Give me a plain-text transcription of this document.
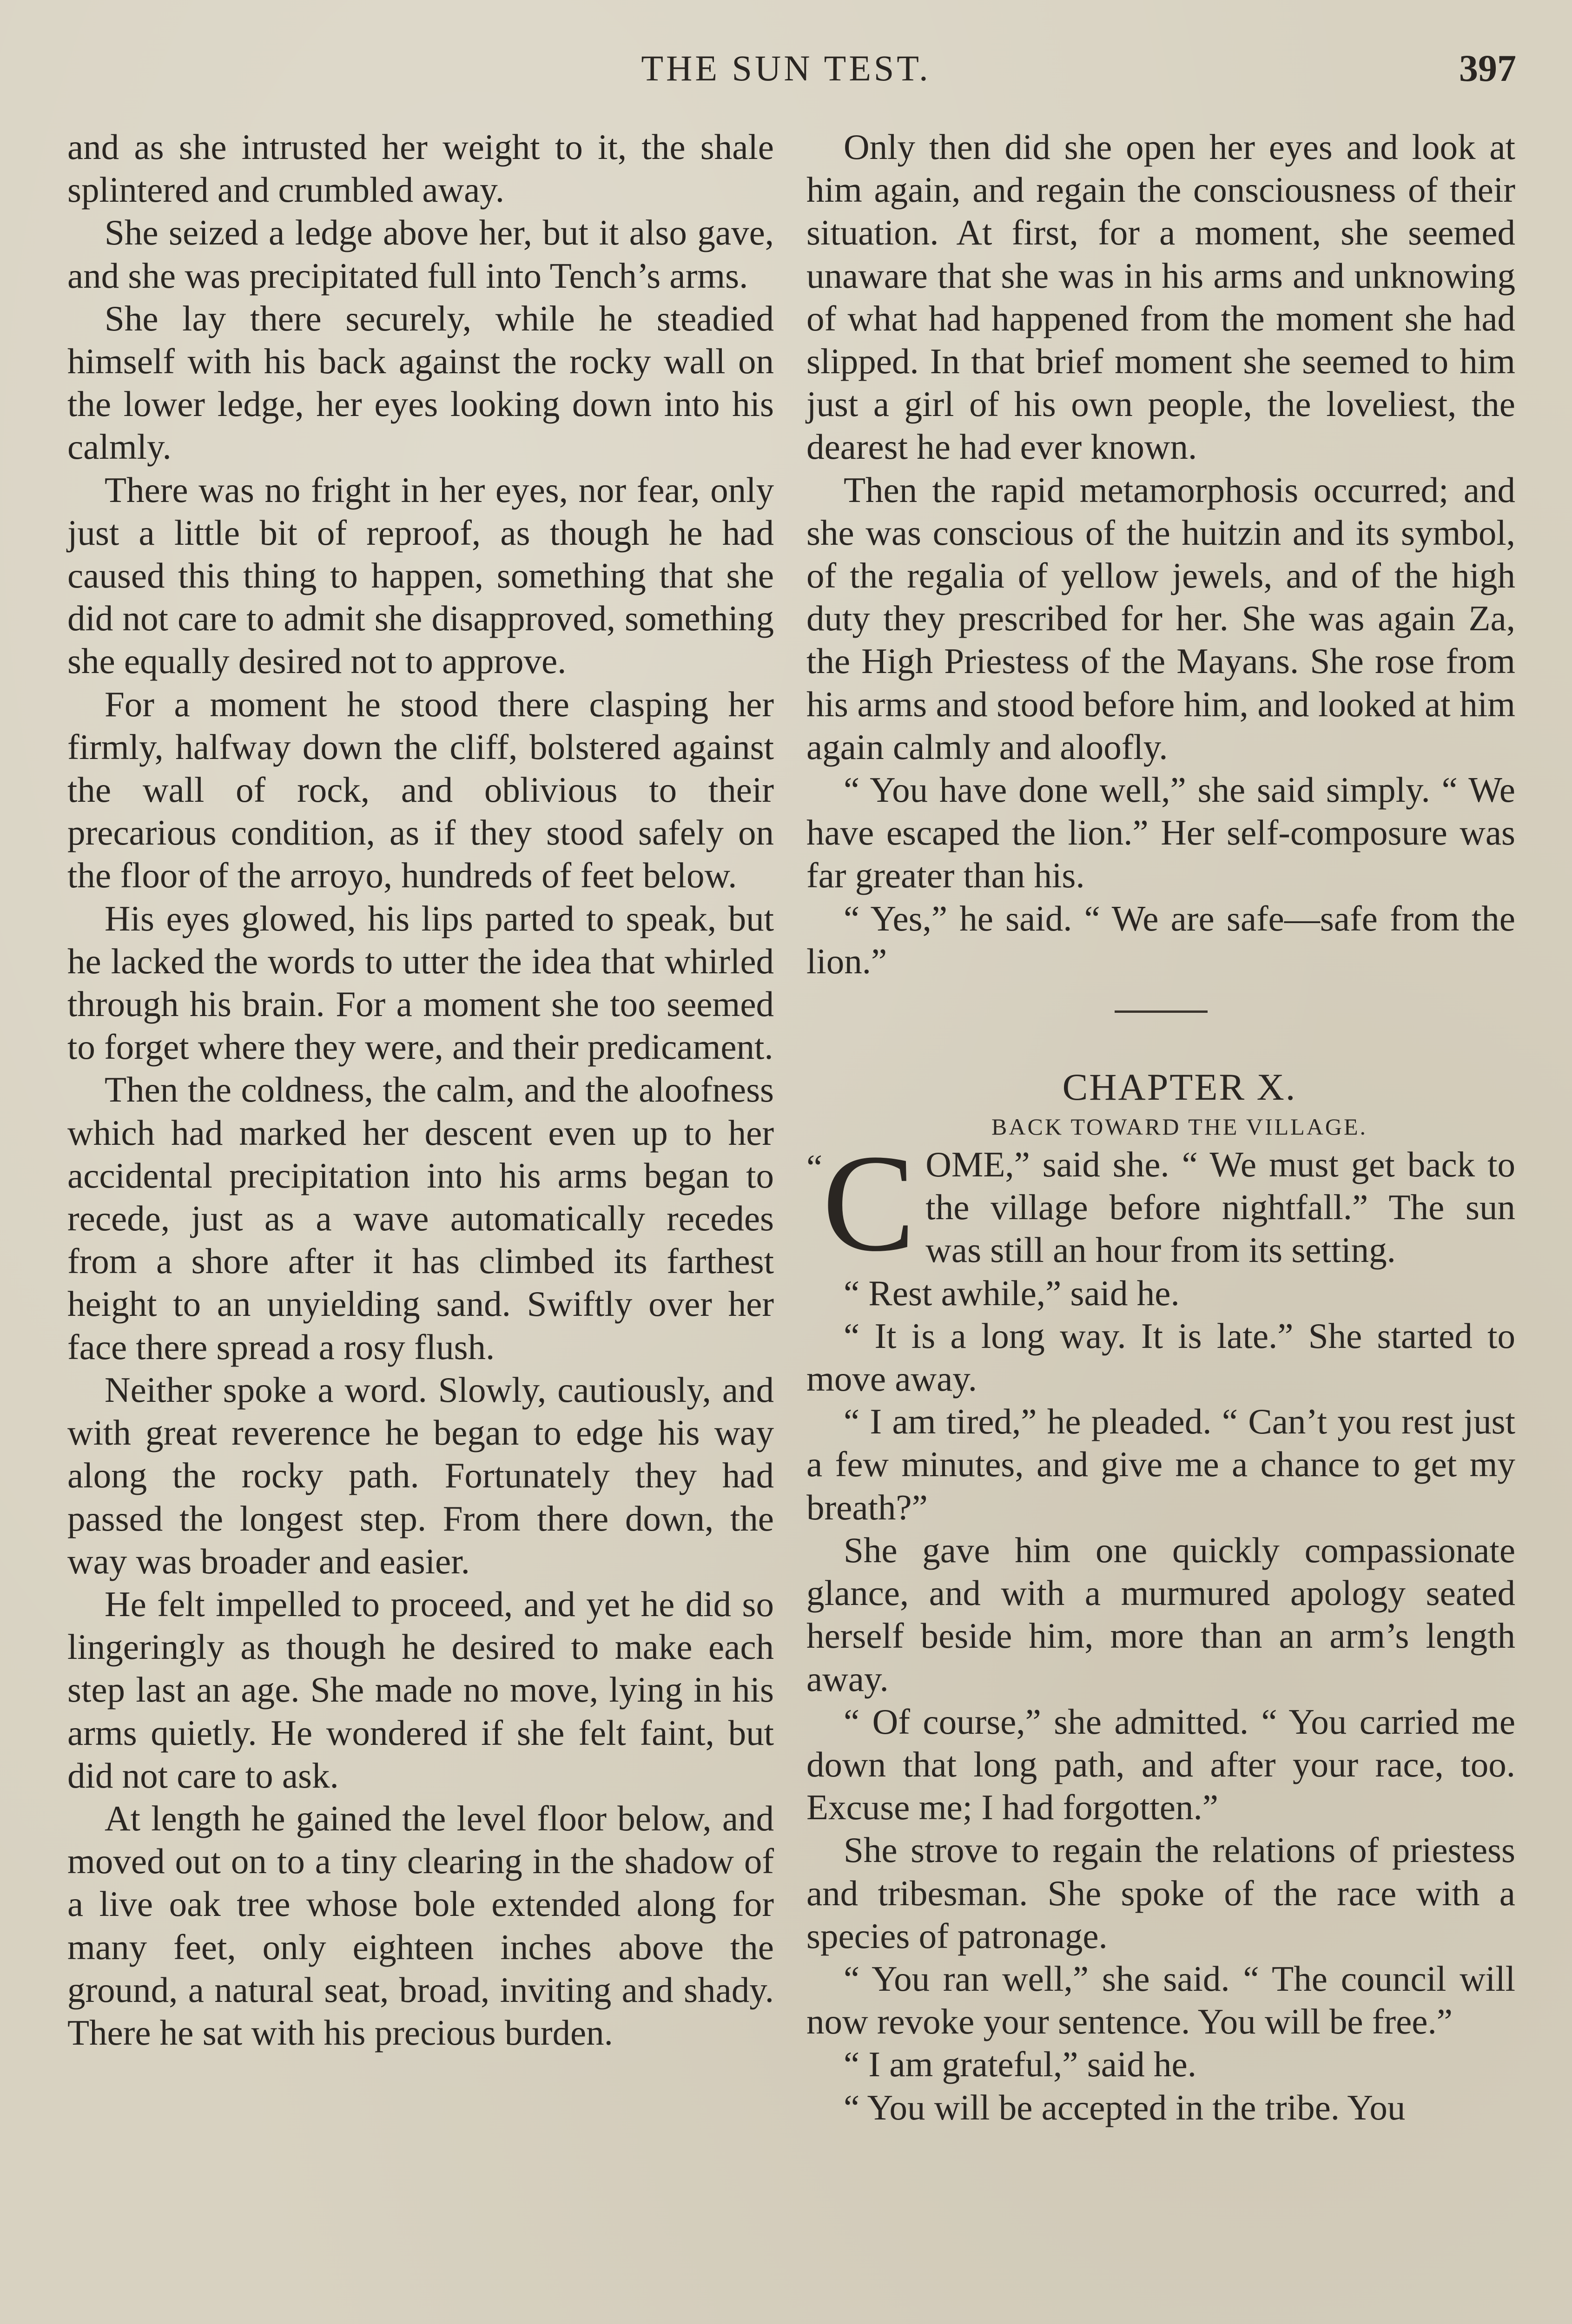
THE SUN TEST.	397

and as she intrusted her weight to it, the shale splintered and crumbled away.

She seized a ledge above her, but it also gave, and she was precipitated full into Tench’s arms.

She lay there securely, while he steadied himself with his back against the rocky wall on the lower ledge, her eyes looking down into his calmly.

There was no fright in her eyes, nor fear, only just a little bit of reproof, as though he had caused this thing to happen, something that she did not care to admit she disapproved, something she equally desired not to approve.

For a moment he stood there clasping her firmly, halfway down the cliff, bolstered against the wall of rock, and oblivious to their precarious condition, as if they stood safely on the floor of the arroyo, hundreds of feet below.

His eyes glowed, his lips parted to speak, but he lacked the words to utter the idea that whirled through his brain. For a moment she too seemed to forget where they were, and their predicament.

Then the coldness, the calm, and the aloofness which had marked her descent even up to her accidental precipitation into his arms began to recede, just as a wave automatically recedes from a shore after it has climbed its farthest height to an unyielding sand. Swiftly over her face there spread a rosy flush.

Neither spoke a word. Slowly, cautiously, and with great reverence he began to edge his way along the rocky path. Fortunately they had passed the longest step. From there down, the way was broader and easier.

He felt impelled to proceed, and yet he did so lingeringly as though he desired to make each step last an age. She made no move, lying in his arms quietly. He wondered if she felt faint, but did not care to ask.

At length he gained the level floor below, and moved out on to a tiny clearing in the shadow of a live oak tree whose bole extended along for many feet, only eighteen inches above the ground, a natural seat, broad, inviting and shady. There he sat with his precious burden.

Only then did she open her eyes and look at him again, and regain the consciousness of their situation. At first, for a moment, she seemed unaware that she was in his arms and unknowing of what had happened from the moment she had slipped. In that brief moment she seemed to him just a girl of his own people, the loveliest, the dearest he had ever known.

Then the rapid metamorphosis occurred; and she was conscious of the huitzin and its symbol, of the regalia of yellow jewels, and of the high duty they prescribed for her. She was again Za, the High Priestess of the Mayans. She rose from his arms and stood before him, and looked at him again calmly and aloofly.

“ You have done well,” she said simply. “ We have escaped the lion.” Her self-composure was far greater than his.

“ Yes,” he said. “ We are safe—safe from the lion.”

CHAPTER X.

BACK TOWARD THE VILLAGE.

“C OME,” said she. “ We must get back to the village before nightfall.” The sun was still an hour from its setting.

“ Rest awhile,” said he.

“ It is a long way. It is late.” She started to move away.

“ I am tired,” he pleaded. “ Can’t you rest just a few minutes, and give me a chance to get my breath?”

She gave him one quickly compassionate glance, and with a murmured apology seated herself beside him, more than an arm’s length away.

“ Of course,” she admitted. “ You carried me down that long path, and after your race, too. Excuse me; I had forgotten.”

She strove to regain the relations of priestess and tribesman. She spoke of the race with a species of patronage.

“ You ran well,” she said. “ The council will now revoke your sentence. You will be free.”

“ I am grateful,” said he.

“ You will be accepted in the tribe. You
